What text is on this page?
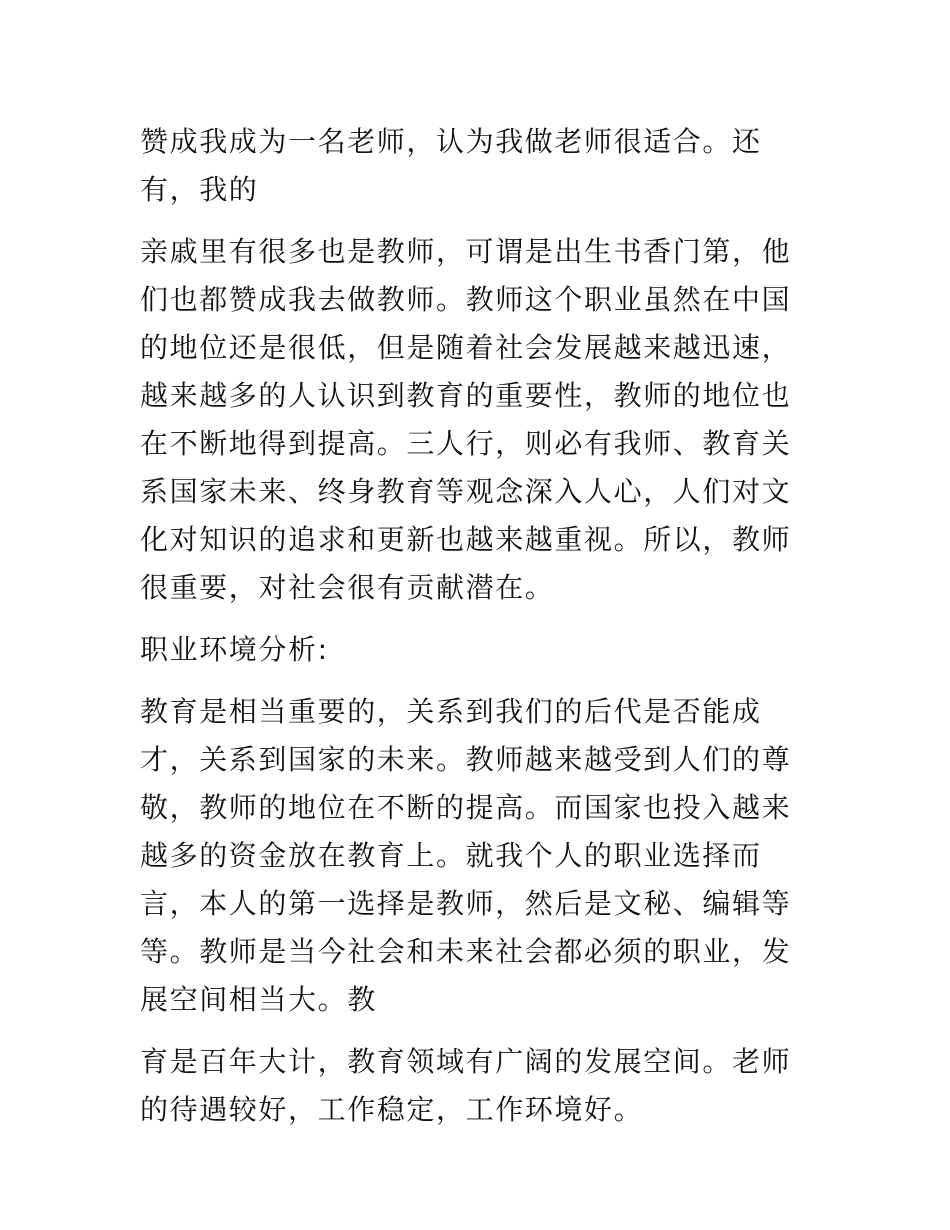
赞成我成为一名老师，认为我做老师很适合。还有，我的

亲戚里有很多也是教师，可谓是出生书香门第，他们也都赞成我去做教师。教师这个职业虽然在中国的地位还是很低，但是随着社会发展越来越迅速，越来越多的人认识到教育的重要性，教师的地位也在不断地得到提高。三人行，则必有我师、教育关系国家未来、终身教育等观念深入人心，人们对文化对知识的追求和更新也越来越重视。所以，教师很重要，对社会很有贡献潜在。

职业环境分析:

教育是相当重要的，关系到我们的后代是否能成才，关系到国家的未来。教师越来越受到人们的尊敬，教师的地位在不断的提高。而国家也投入越来越多的资金放在教育上。就我个人的职业选择而言，本人的第一选择是教师，然后是文秘、编辑等等。教师是当今社会和未来社会都必须的职业，发展空间相当大。教

育是百年大计，教育领域有广阔的发展空间。老师的待遇较好，工作稳定，工作环境好。
